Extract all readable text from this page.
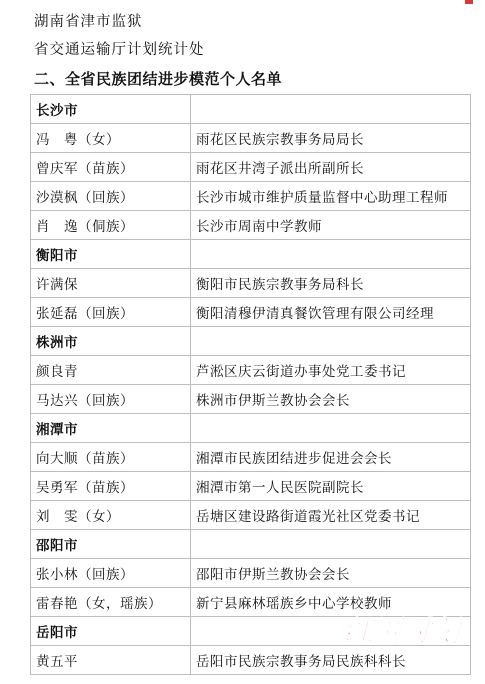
湖南省津市监狱
省交通运输厅计划统计处
二、全省民族团结进步模范个人名单
长沙市	
冯　粤（女）	雨花区民族宗教事务局局长
曾庆军（苗族）	雨花区井湾子派出所副所长
沙漠枫（回族）	长沙市城市维护质量监督中心助理工程师
肖　逸（侗族）	长沙市周南中学教师
衡阳市	
许满保	衡阳市民族宗教事务局科长
张延磊（回族）	衡阳清穆伊清真餐饮管理有限公司经理
株洲市	
颜良青	芦淞区庆云街道办事处党工委书记
马达兴（回族）	株洲市伊斯兰教协会会长
湘潭市	
向大顺（苗族）	湘潭市民族团结进步促进会会长
吴勇军（苗族）	湘潭市第一人民医院副院长
刘　雯（女）	岳塘区建设路街道霞光社区党委书记
邵阳市	
张小林（回族）	邵阳市伊斯兰教协会会长
雷春艳（女，瑶族）	新宁县麻林瑶族乡中心学校教师
岳阳市	
黄五平	岳阳市民族宗教事务局民族科科长
红网时刻
